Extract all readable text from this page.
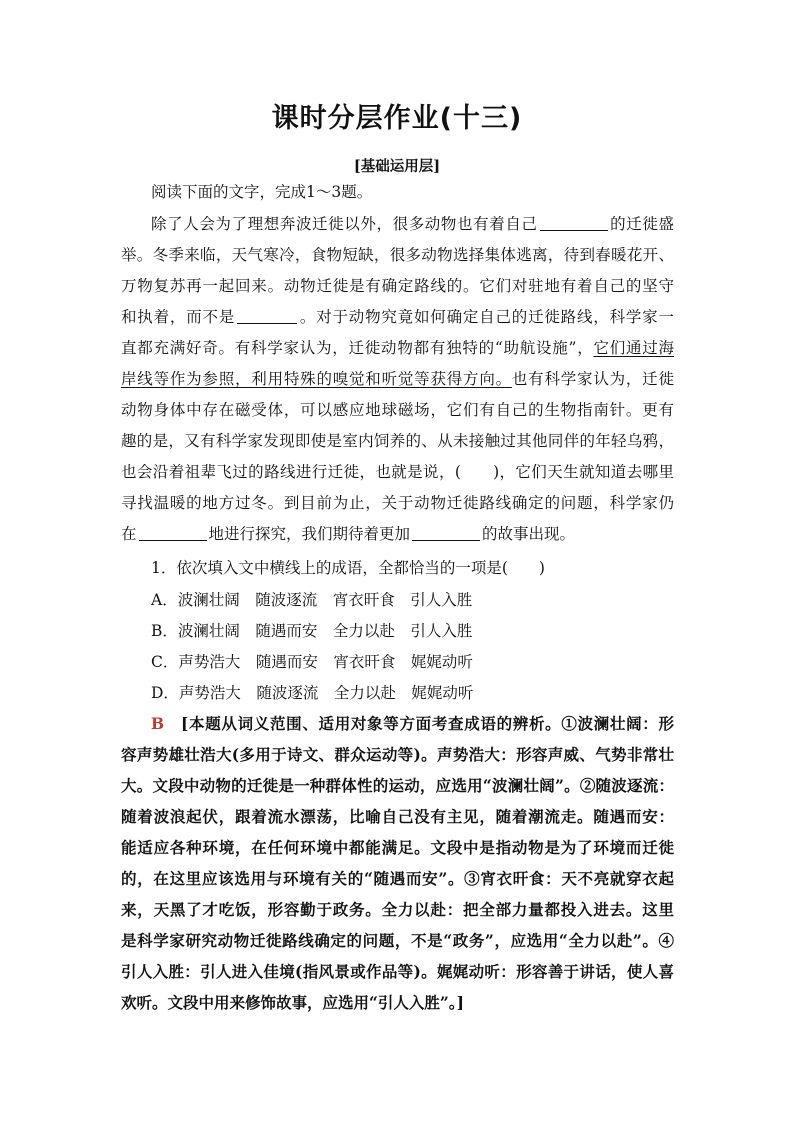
课时分层作业(十三)
[基础运用层]
阅读下面的文字，完成1～3题。
除了人会为了理想奔波迁徙以外，很多动物也有着自己	的迁徙盛
举。冬季来临，天气寒冷，食物短缺，很多动物选择集体逃离，待到春暖花开、
万物复苏再一起回来。动物迁徙是有确定路线的。它们对驻地有着自己的坚守
和执着，而不是	。对于动物究竟如何确定自己的迁徙路线，科学家一
直都充满好奇。有科学家认为，迁徙动物都有独特的“助航设施”，它们通过海
岸线等作为参照，利用特殊的嗅觉和听觉等获得方向。也有科学家认为，迁徙
动物身体中存在磁受体，可以感应地球磁场，它们有自己的生物指南针。更有
趣的是，又有科学家发现即使是室内饲养的、从未接触过其他同伴的年轻乌鸦，
也会沿着祖辈飞过的路线进行迁徙，也就是说，(　　)，它们天生就知道去哪里
寻找温暖的地方过冬。到目前为止，关于动物迁徙路线确定的问题，科学家仍
在	地进行探究，我们期待着更加	的故事出现。
1．依次填入文中横线上的成语，全都恰当的一项是(　　)
A．波澜壮阔　随波逐流　宵衣旰食　引人入胜
B．波澜壮阔　随遇而安　全力以赴　引人入胜
C．声势浩大　随遇而安　宵衣旰食　娓娓动听
D．声势浩大　随波逐流　全力以赴　娓娓动听
B　 [本题从词义范围、适用对象等方面考查成语的辨析。①波澜壮阔：形
容声势雄壮浩大(多用于诗文、群众运动等)。声势浩大：形容声威、气势非常壮
大。文段中动物的迁徙是一种群体性的运动，应选用“波澜壮阔”。②随波逐流：
随着波浪起伏，跟着流水漂荡，比喻自己没有主见，随着潮流走。随遇而安：
能适应各种环境，在任何环境中都能满足。文段中是指动物是为了环境而迁徙
的，在这里应该选用与环境有关的“随遇而安”。③宵衣旰食：天不亮就穿衣起
来，天黑了才吃饭，形容勤于政务。全力以赴：把全部力量都投入进去。这里
是科学家研究动物迁徙路线确定的问题，不是“政务”，应选用“全力以赴”。④
引人入胜：引人进入佳境(指风景或作品等)。娓娓动听：形容善于讲话，使人喜
欢听。文段中用来修饰故事，应选用“引人入胜”。]
